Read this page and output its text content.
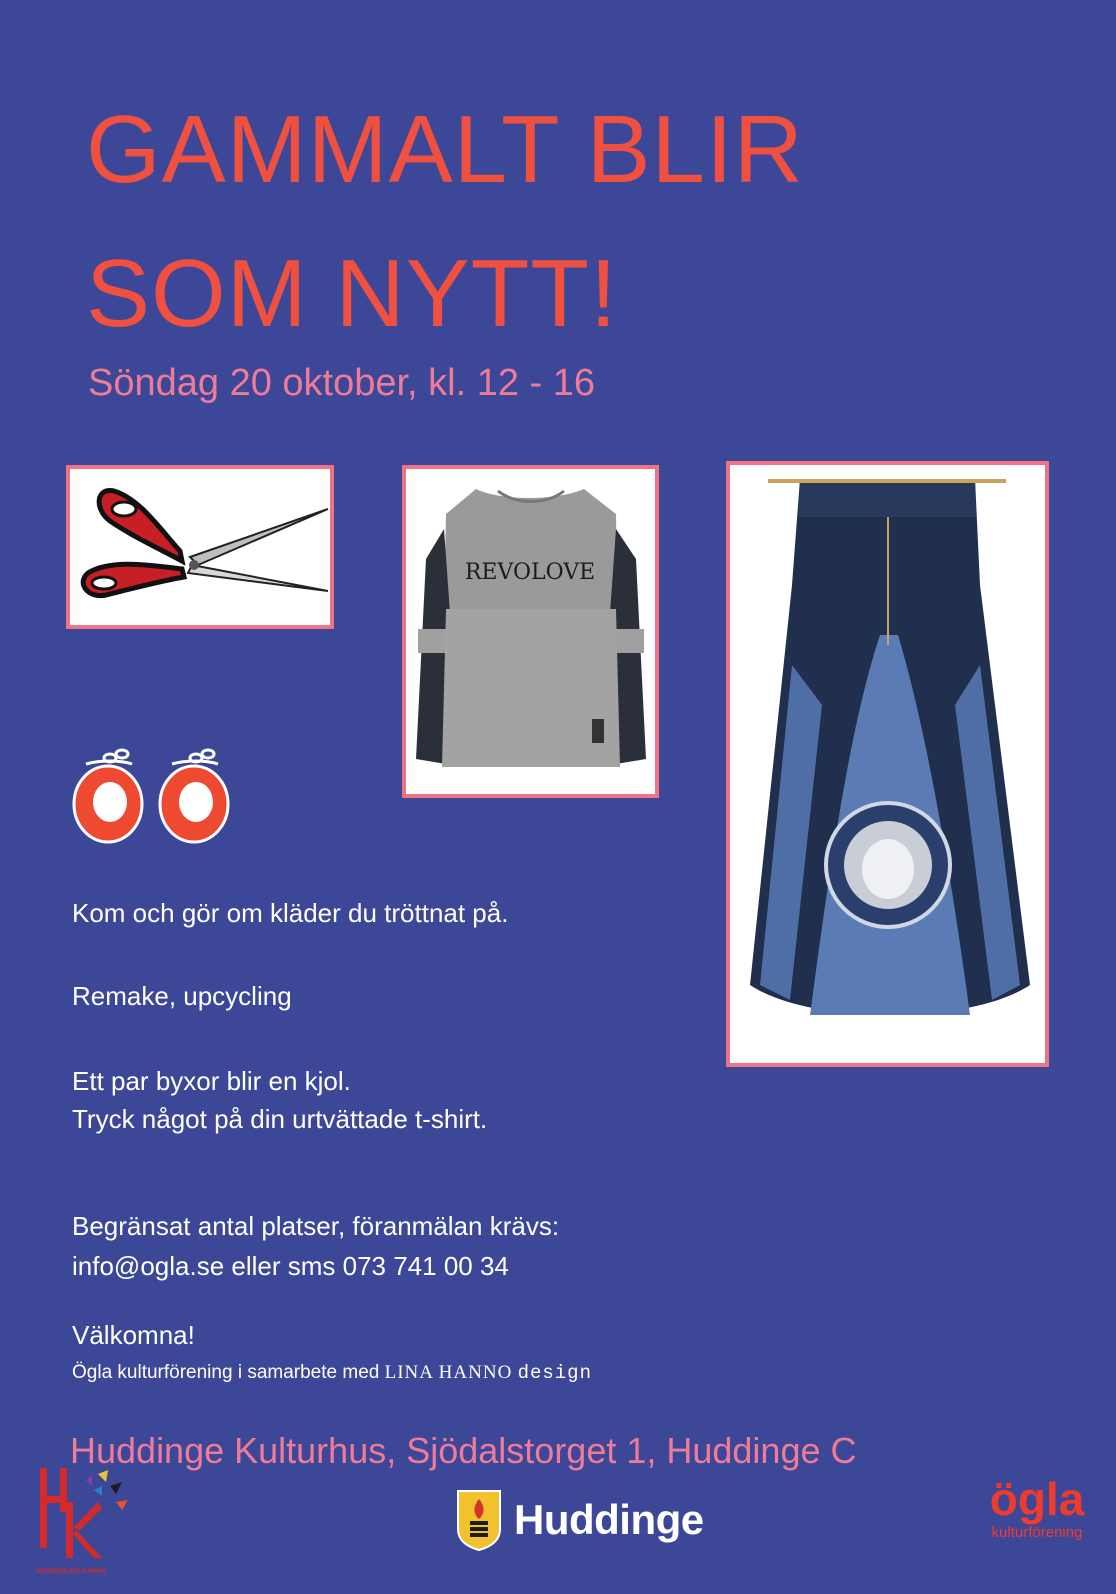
GAMMALT BLIR
SOM NYTT!
Söndag 20 oktober, kl. 12 - 16
REVOLOVE
Kom och gör om kläder du tröttnat på.
Remake, upcycling
Ett par byxor blir en kjol.
Tryck något på din urtvättade t-shirt.
Begränsat antal platser, föranmälan krävs:
info@ogla.se eller sms 073 741 00 34
Välkomna!
Ögla kulturförening i samarbete med LINA HANNO design
Huddinge Kulturhus, Sjödalstorget 1, Huddinge C
HUDDINGE KULTURHUS
Huddinge	ögla
kulturförening
